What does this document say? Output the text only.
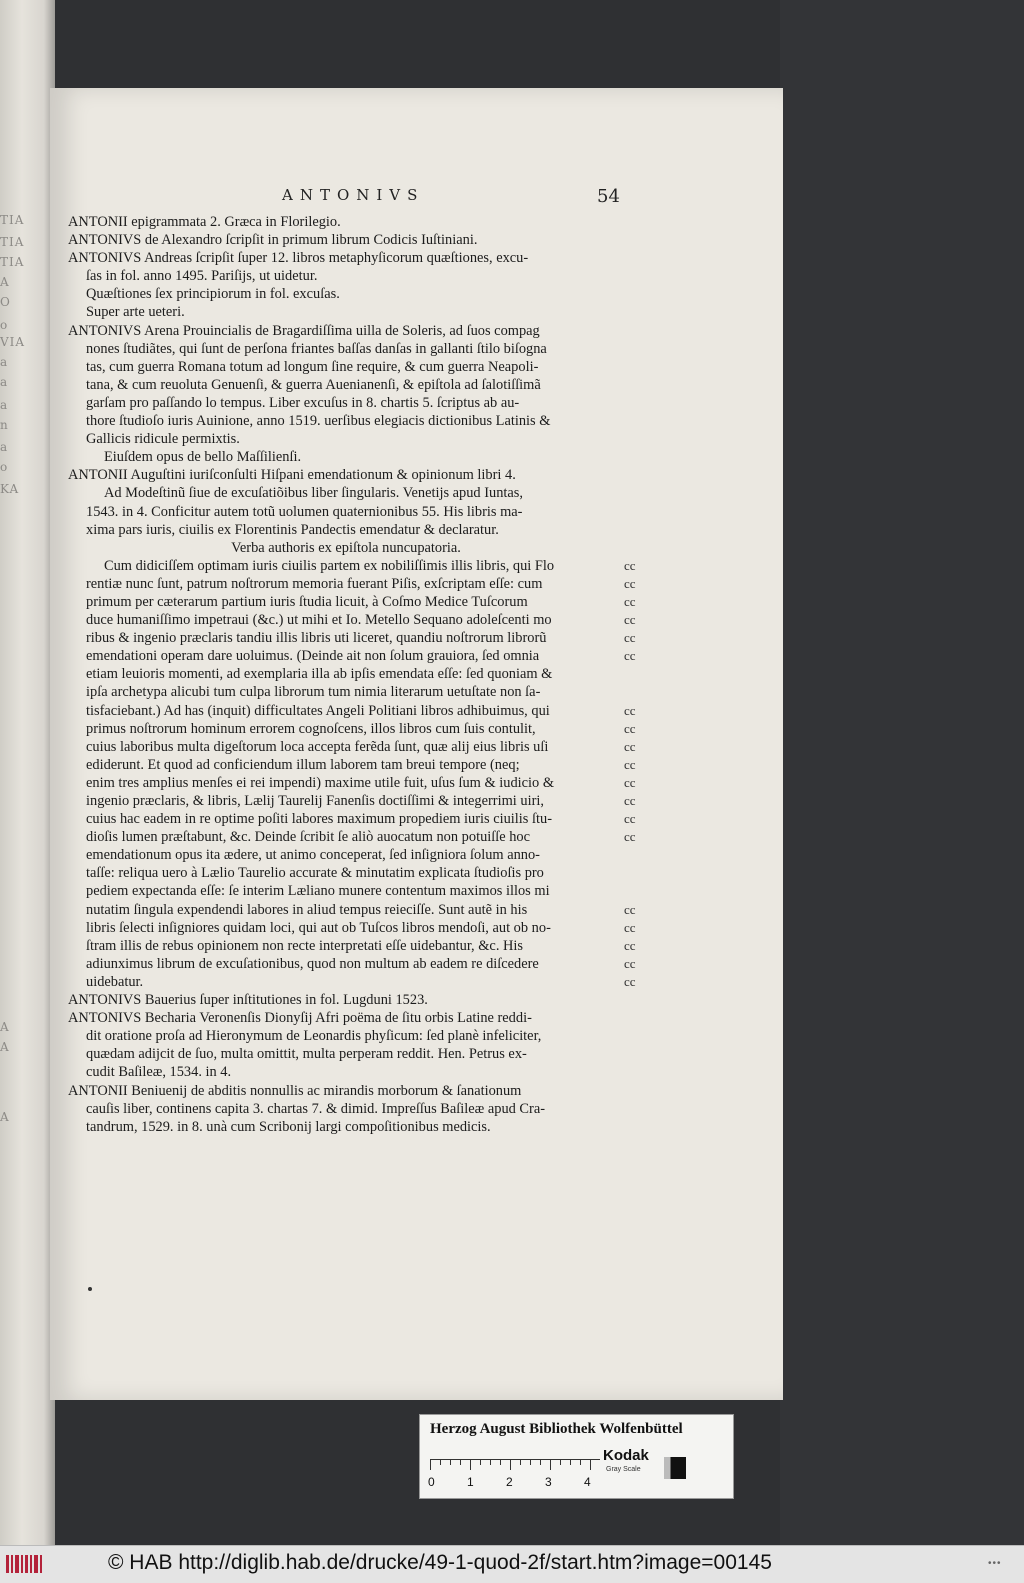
TIA
TIA
TIA
A
O
o
VIA
a
a
a
n
a
o
KA
A
A
A
ANTONIVS	54
ANTONII epigrammata 2. Græca in Florilegio.
ANTONIVS de Alexandro ſcripſit in primum librum Codicis Iuſtiniani.
ANTONIVS Andreas ſcripſit ſuper 12. libros metaphyſicorum quæſtiones, excu-
ſas in fol. anno 1495. Pariſijs, ut uidetur.
Quæſtiones ſex principiorum in fol. excuſas.
Super arte ueteri.
ANTONIVS Arena Prouincialis de Bragardiſſima uilla de Soleris, ad ſuos compag
nones ſtudiãtes, qui ſunt de perſona friantes baſſas danſas in gallanti ſtilo biſogna
tas, cum guerra Romana totum ad longum ſine require, & cum guerra Neapoli-
tana, & cum reuoluta Genuenſi, & guerra Auenianenſi, & epiſtola ad ſalotiſſimã
garſam pro paſſando lo tempus. Liber excuſus in 8. chartis 5. ſcriptus ab au-
thore ſtudioſo iuris Auinione, anno 1519. uerſibus elegiacis dictionibus Latinis &
Gallicis ridicule permixtis.
Eiuſdem opus de bello Maſſilienſi.
ANTONII Auguſtini iuriſconſulti Hiſpani emendationum & opinionum libri 4.
Ad Modeſtinũ ſiue de excuſatiõibus liber ſingularis. Venetijs apud Iuntas,
1543. in 4. Conficitur autem totũ uolumen quaternionibus 55. His libris ma-
xima pars iuris, ciuilis ex Florentinis Pandectis emendatur & declaratur.
Verba authoris ex epiſtola nuncupatoria.
Cum didiciſſem optimam iuris ciuilis partem ex nobiliſſimis illis libris, qui Flo	cc
rentiæ nunc ſunt, patrum noſtrorum memoria fuerant Piſis, exſcriptam eſſe: cum	cc
primum per cæterarum partium iuris ſtudia licuit, à Coſmo Medice Tuſcorum	cc
duce humaniſſimo impetraui (&c.) ut mihi et Io. Metello Sequano adoleſcenti mo	cc
ribus & ingenio præclaris tandiu illis libris uti liceret, quandiu noſtrorum librorũ	cc
emendationi operam dare uoluimus. (Deinde ait non ſolum grauiora, ſed omnia	cc
etiam leuioris momenti, ad exemplaria illa ab ipſis emendata eſſe: ſed quoniam &
ipſa archetypa alicubi tum culpa librorum tum nimia literarum uetuſtate non ſa-
tisfaciebant.) Ad has (inquit) difficultates Angeli Politiani libros adhibuimus, qui	cc
primus noſtrorum hominum errorem cognoſcens, illos libros cum ſuis contulit,	cc
cuius laboribus multa digeſtorum loca accepta ferẽda ſunt, quæ alij eius libris uſi	cc
ediderunt. Et quod ad conficiendum illum laborem tam breui tempore (neq;	cc
enim tres amplius menſes ei rei impendi) maxime utile fuit, uſus ſum & iudicio &	cc
ingenio præclaris, & libris, Lælij Taurelij Fanenſis doctiſſimi & integerrimi uiri,	cc
cuius hac eadem in re optime poſiti labores maximum propediem iuris ciuilis ſtu-	cc
dioſis lumen præſtabunt, &c. Deinde ſcribit ſe aliò auocatum non potuiſſe hoc	cc
emendationum opus ita ædere, ut animo conceperat, ſed inſigniora ſolum anno-
taſſe: reliqua uero à Lælio Taurelio accurate & minutatim explicata ſtudioſis pro
pediem expectanda eſſe: ſe interim Læliano munere contentum maximos illos mi
nutatim ſingula expendendi labores in aliud tempus reieciſſe. Sunt autẽ in his	cc
libris ſelecti inſigniores quidam loci, qui aut ob Tuſcos libros mendoſi, aut ob no-	cc
ſtram illis de rebus opinionem non recte interpretati eſſe uidebantur, &c. His	cc
adiunximus librum de excuſationibus, quod non multum ab eadem re diſcedere	cc
uidebatur.	cc
ANTONIVS Bauerius ſuper inſtitutiones in fol. Lugduni 1523.
ANTONIVS Becharia Veronenſis Dionyſij Afri poëma de ſitu orbis Latine reddi-
dit oratione proſa ad Hieronymum de Leonardis phyſicum: ſed planè infeliciter,
quædam adijcit de ſuo, multa omittit, multa perperam reddit. Hen. Petrus ex-
cudit Baſileæ, 1534. in 4.
ANTONII Beniuenij de abditis nonnullis ac mirandis morborum & ſanationum
cauſis liber, continens capita 3. chartas 7. & dimid. Impreſſus Baſileæ apud Cra-
tandrum, 1529. in 8. unà cum Scribonij largi compoſitionibus medicis.
Herzog August Bibliothek Wolfenbüttel
0	1	2	3	4
Kodak
Gray Scale
© HAB http://diglib.hab.de/drucke/49-1-quod-2f/start.htm?image=00145	•••
